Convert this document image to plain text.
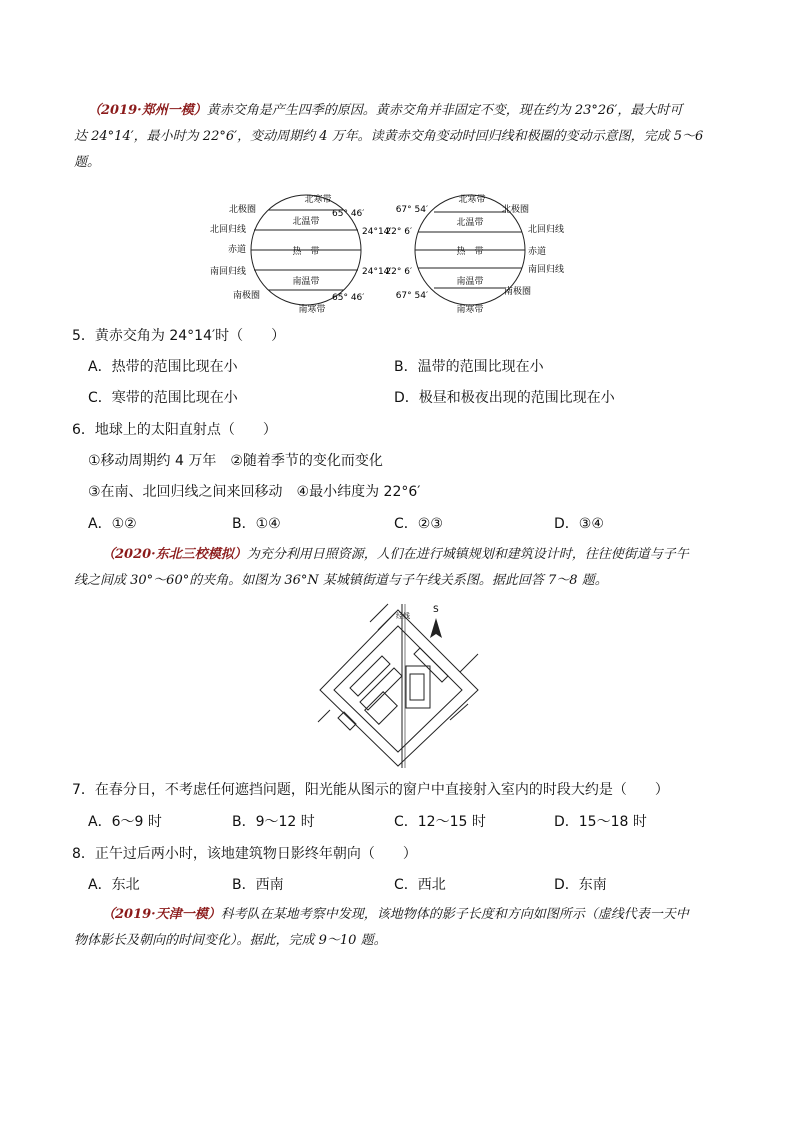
（2019·郑州一模）黄赤交角是产生四季的原因。黄赤交角并非固定不变，现在约为 23°26′，最大时可
达 24°14′，最小时为 22°6′，变动周期约 4 万年。读黄赤交角变动时回归线和极圈的变动示意图，完成 5～6
题。
北极圈
北回归线
赤道
南回归线
南极圈
北寒带
北温带
热　带
南温带
南寒带
65° 46′
24°14′
24°14′
65° 46′
北极圈
北回归线
赤道
南回归线
南极圈
北寒带
北温带
热　带
南温带
南寒带
67° 54′
22° 6′
22° 6′
67° 54′
5．黄赤交角为 24°14′时（　　）
A．热带的范围比现在小	B．温带的范围比现在小
C．寒带的范围比现在小	D．极昼和极夜出现的范围比现在小
6．地球上的太阳直射点（　　）
①移动周期约 4 万年　②随着季节的变化而变化
③在南、北回归线之间来回移动　④最小纬度为 22°6′
A．①②	B．①④	C．②③	D．③④
（2020·东北三校模拟）为充分利用日照资源，人们在进行城镇规划和建筑设计时，往往使街道与子午
线之间成 30°～60°的夹角。如图为 36°N 某城镇街道与子午线关系图。据此回答 7～8 题。
经线
S
7．在春分日，不考虑任何遮挡问题，阳光能从图示的窗户中直接射入室内的时段大约是（　　）
A．6～9 时	B．9～12 时	C．12～15 时	D．15～18 时
8．正午过后两小时，该地建筑物日影终年朝向（　　）
A．东北	B．西南	C．西北	D．东南
（2019·天津一模）科考队在某地考察中发现，该地物体的影子长度和方向如图所示（虚线代表一天中
物体影长及朝向的时间变化）。据此，完成 9～10 题。
